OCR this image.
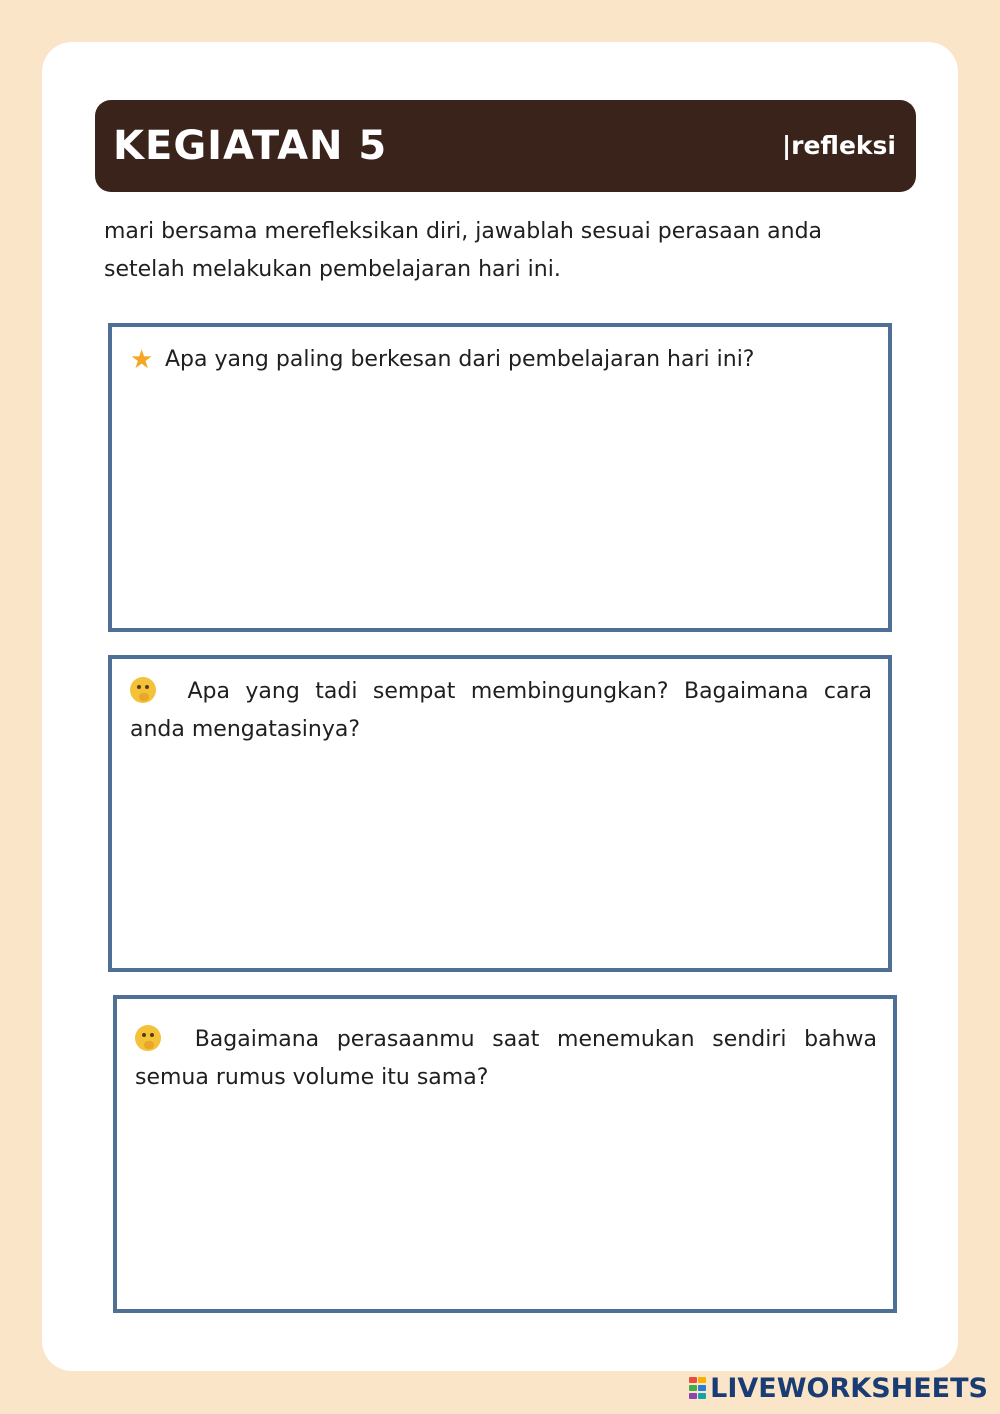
KEGIATAN 5	|refleksi
mari bersama merefleksikan diri, jawablah sesuai perasaan anda setelah melakukan pembelajaran hari ini.
★ Apa yang paling berkesan dari pembelajaran hari ini?
Apa yang tadi sempat membingungkan? Bagaimana cara anda mengatasinya?
Bagaimana perasaanmu saat menemukan sendiri bahwa semua rumus volume itu sama?
LIVEWORKSHEETS
